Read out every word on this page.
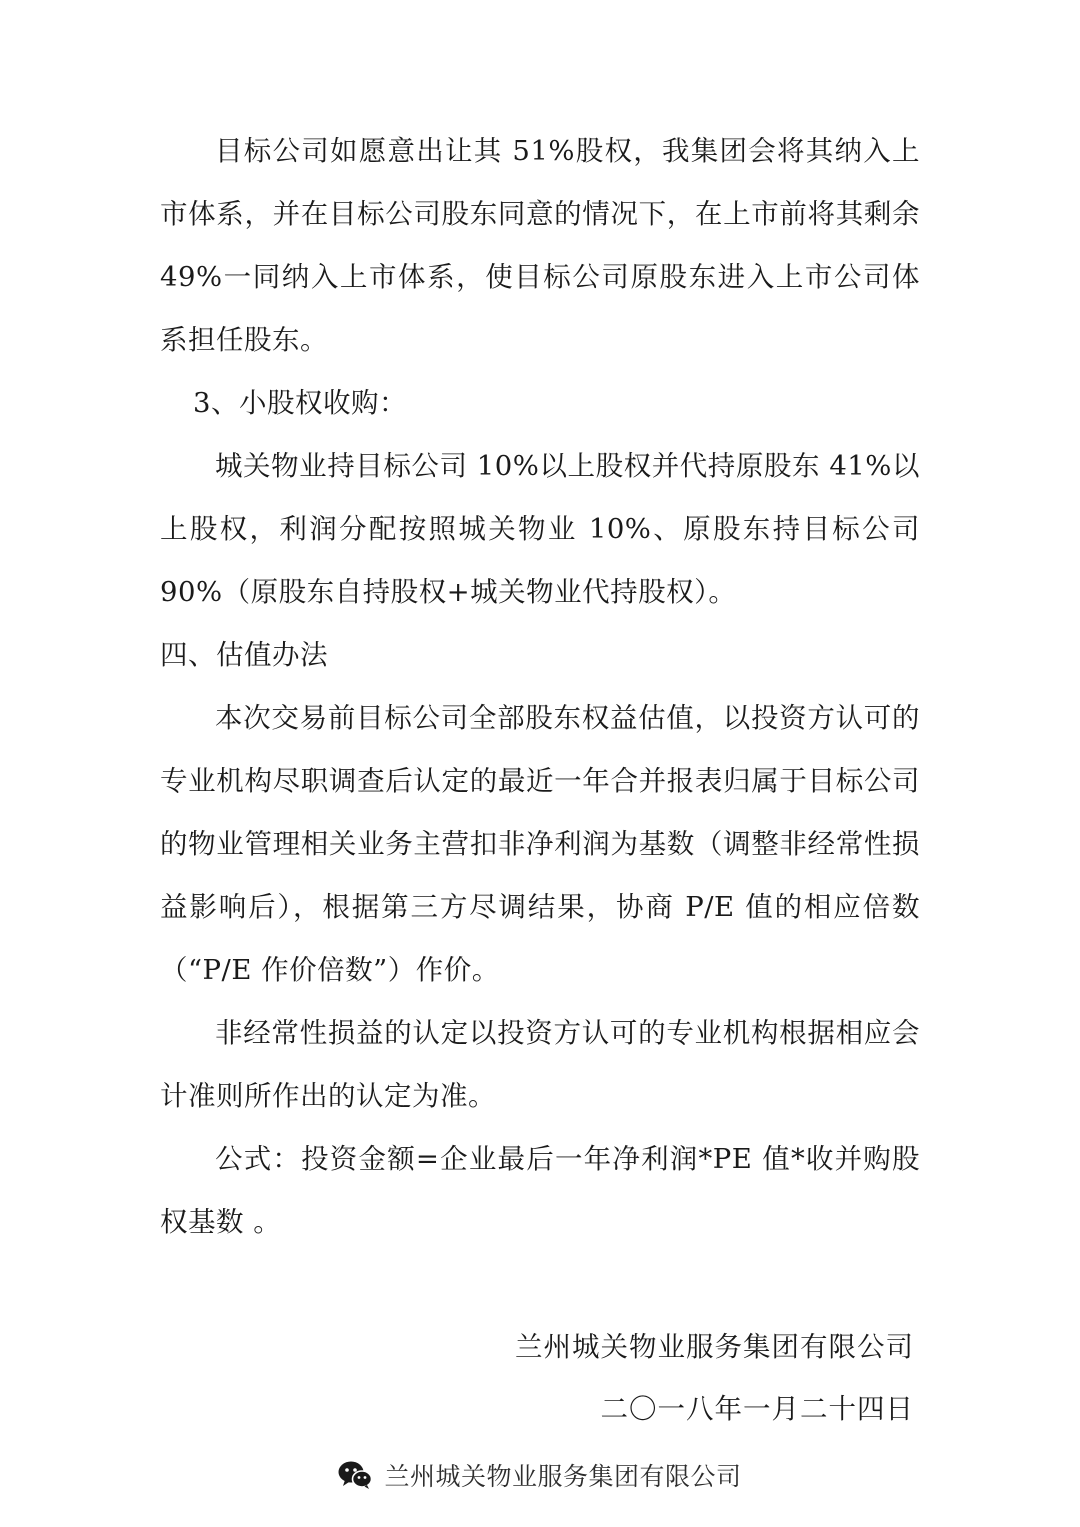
目标公司如愿意出让其 51%股权，我集团会将其纳入上市体系，并在目标公司股东同意的情况下，在上市前将其剩余 49%一同纳入上市体系，使目标公司原股东进入上市公司体系担任股东。

3、小股权收购：

城关物业持目标公司 10%以上股权并代持原股东 41%以上股权，利润分配按照城关物业 10%、原股东持目标公司 90%（原股东自持股权+城关物业代持股权）。

四、估值办法

本次交易前目标公司全部股东权益估值，以投资方认可的专业机构尽职调查后认定的最近一年合并报表归属于目标公司的物业管理相关业务主营扣非净利润为基数（调整非经常性损益影响后），根据第三方尽调结果，协商 P/E 值的相应倍数（“P/E 作价倍数”）作价。

非经常性损益的认定以投资方认可的专业机构根据相应会计准则所作出的认定为准。

公式：投资金额=企业最后一年净利润*PE 值*收并购股权基数 。

兰州城关物业服务集团有限公司

二〇一八年一月二十四日

兰州城关物业服务集团有限公司
